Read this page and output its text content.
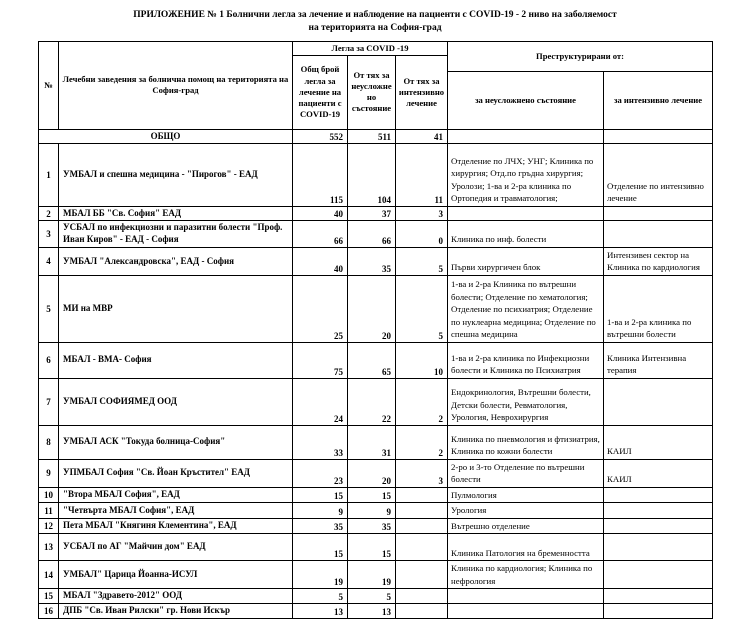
ПРИЛОЖЕНИЕ № 1 Болнични легла за лечение и наблюдение на пациенти с COVID-19 - 2 ниво на заболяемост
на територията на София-град
№	Лечебни заведения за болнична помощ на територията на София-град	Легла за COVID -19			Преструктурирани от:	
		Общ брой легла за лечение на пациенти с COVID-19	От тях за неусложнено състояние	От тях за интензивно лечение		
					за неусложнено състояние	за интензивно лечение
ОБЩО		552	511	41		
1	УМБАЛ и спешна медицина - "Пирогов" - ЕАД	115	104	11	Отделение по ЛЧХ; УНГ; Клиника по хирургия; Отд.по гръдна хирургия; Уролози; 1-ва и 2-ра клиника по Ортопедия и травматология;	Отделение по интензивно лечение
2	МБАЛ ББ "Св. София" ЕАД	40	37	3		
3	УСБАЛ по инфекциозни и паразитни болести "Проф. Иван Киров" - ЕАД - София	66	66	0	Клиника по инф. болести	
4	УМБАЛ "Александровска", ЕАД - София	40	35	5	Първи хирургичен блок	Интензивен сектор на Клиника по кардиология
5	МИ на МВР	25	20	5	1-ва и 2-ра Клиника по вътрешни болести; Отделение по хематология; Отделение по психиатрия; Отделение по нуклеарна медицина; Отделение по спешна медицина	1-ва и 2-ра клиника по вътрешни болести
6	МБАЛ - ВМА- София	75	65	10	1-ва и 2-ра клиника по Инфекциозни болести и Клиника по Психиатрия	Клиника Интензивна терапия
7	УМБАЛ СОФИЯМЕД ООД	24	22	2	Ендокринология, Вътрешни болести, Детски болести, Ревматология, Урология, Неврохирургия	
8	УМБАЛ АСК "Токуда болница-София"	33	31	2	Клиника по пневмология и фтизиатрия, Клиника по кожни болести	КАИЛ
9	УПМБАЛ София "Св. Йоан Кръстител" ЕАД	23	20	3	2-ро и 3-то Отделение по вътрешни болести	КАИЛ
10	"Втора МБАЛ София", ЕАД	15	15		Пулмология	
11	"Четвърта МБАЛ София", ЕАД	9	9		Урология	
12	Пета МБАЛ "Княгиня Клементина", ЕАД	35	35		Вътрешно отделение	
13	УСБАЛ по АГ "Майчин дом" ЕАД	15	15		Клиника Патология на бременността	
14	УМБАЛ" Царица Йоанна-ИСУЛ	19	19		Клиника по кардиология; Клиника по нефрология	
15	МБАЛ "Здравето-2012" ООД	5	5			
16	ДПБ "Св. Иван Рилски" гр. Нови Искър	13	13			
